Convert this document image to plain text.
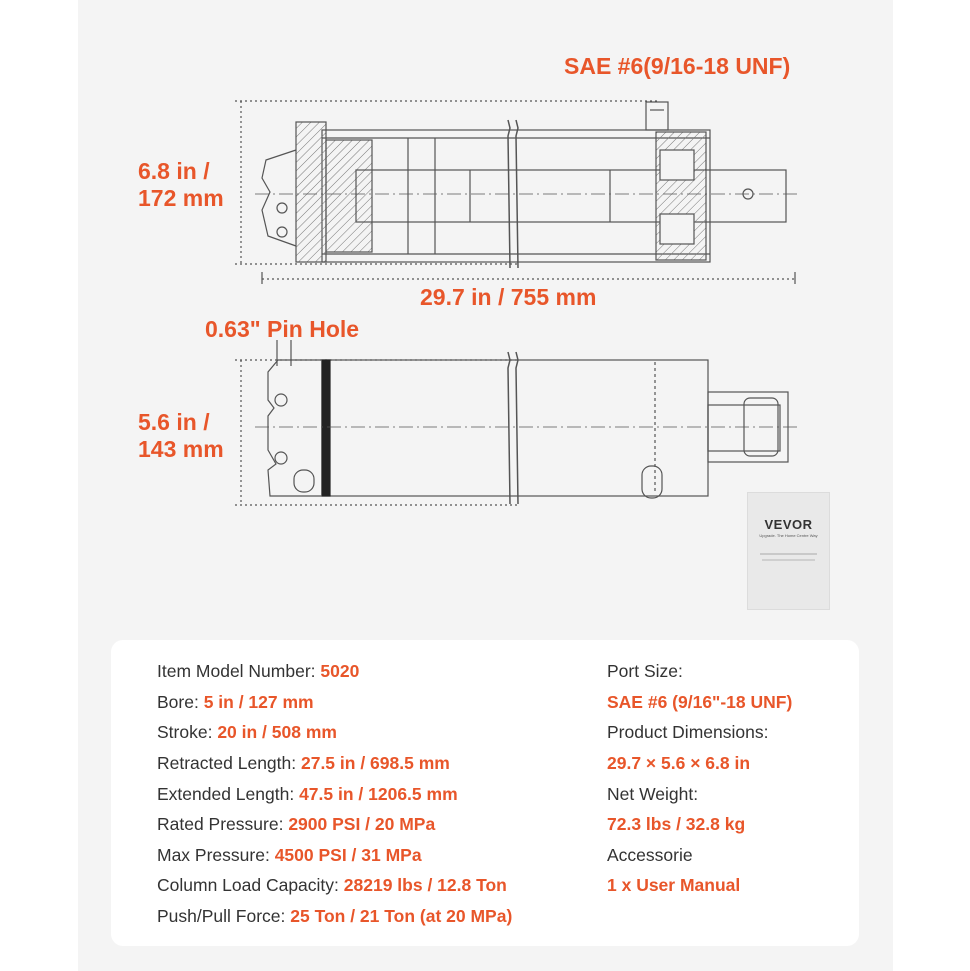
SAE #6(9/16-18 UNF)
6.8 in /
172 mm
29.7 in / 755 mm
0.63" Pin Hole
5.6 in /
143 mm
VEVOR
Upgrade. The Home Centre Way
Item Model Number: 5020
Bore: 5 in / 127 mm
Stroke: 20 in / 508 mm
Retracted Length: 27.5 in / 698.5 mm
Extended Length: 47.5 in / 1206.5 mm
Rated Pressure: 2900 PSI / 20 MPa
Max Pressure: 4500 PSI / 31 MPa
Column Load Capacity: 28219 lbs / 12.8 Ton
Push/Pull Force: 25 Ton / 21 Ton (at 20 MPa)
Port Size:
SAE #6 (9/16"-18 UNF)
Product Dimensions:
29.7 × 5.6 × 6.8 in
Net Weight:
72.3 lbs / 32.8 kg
Accessorie
1 x User Manual
